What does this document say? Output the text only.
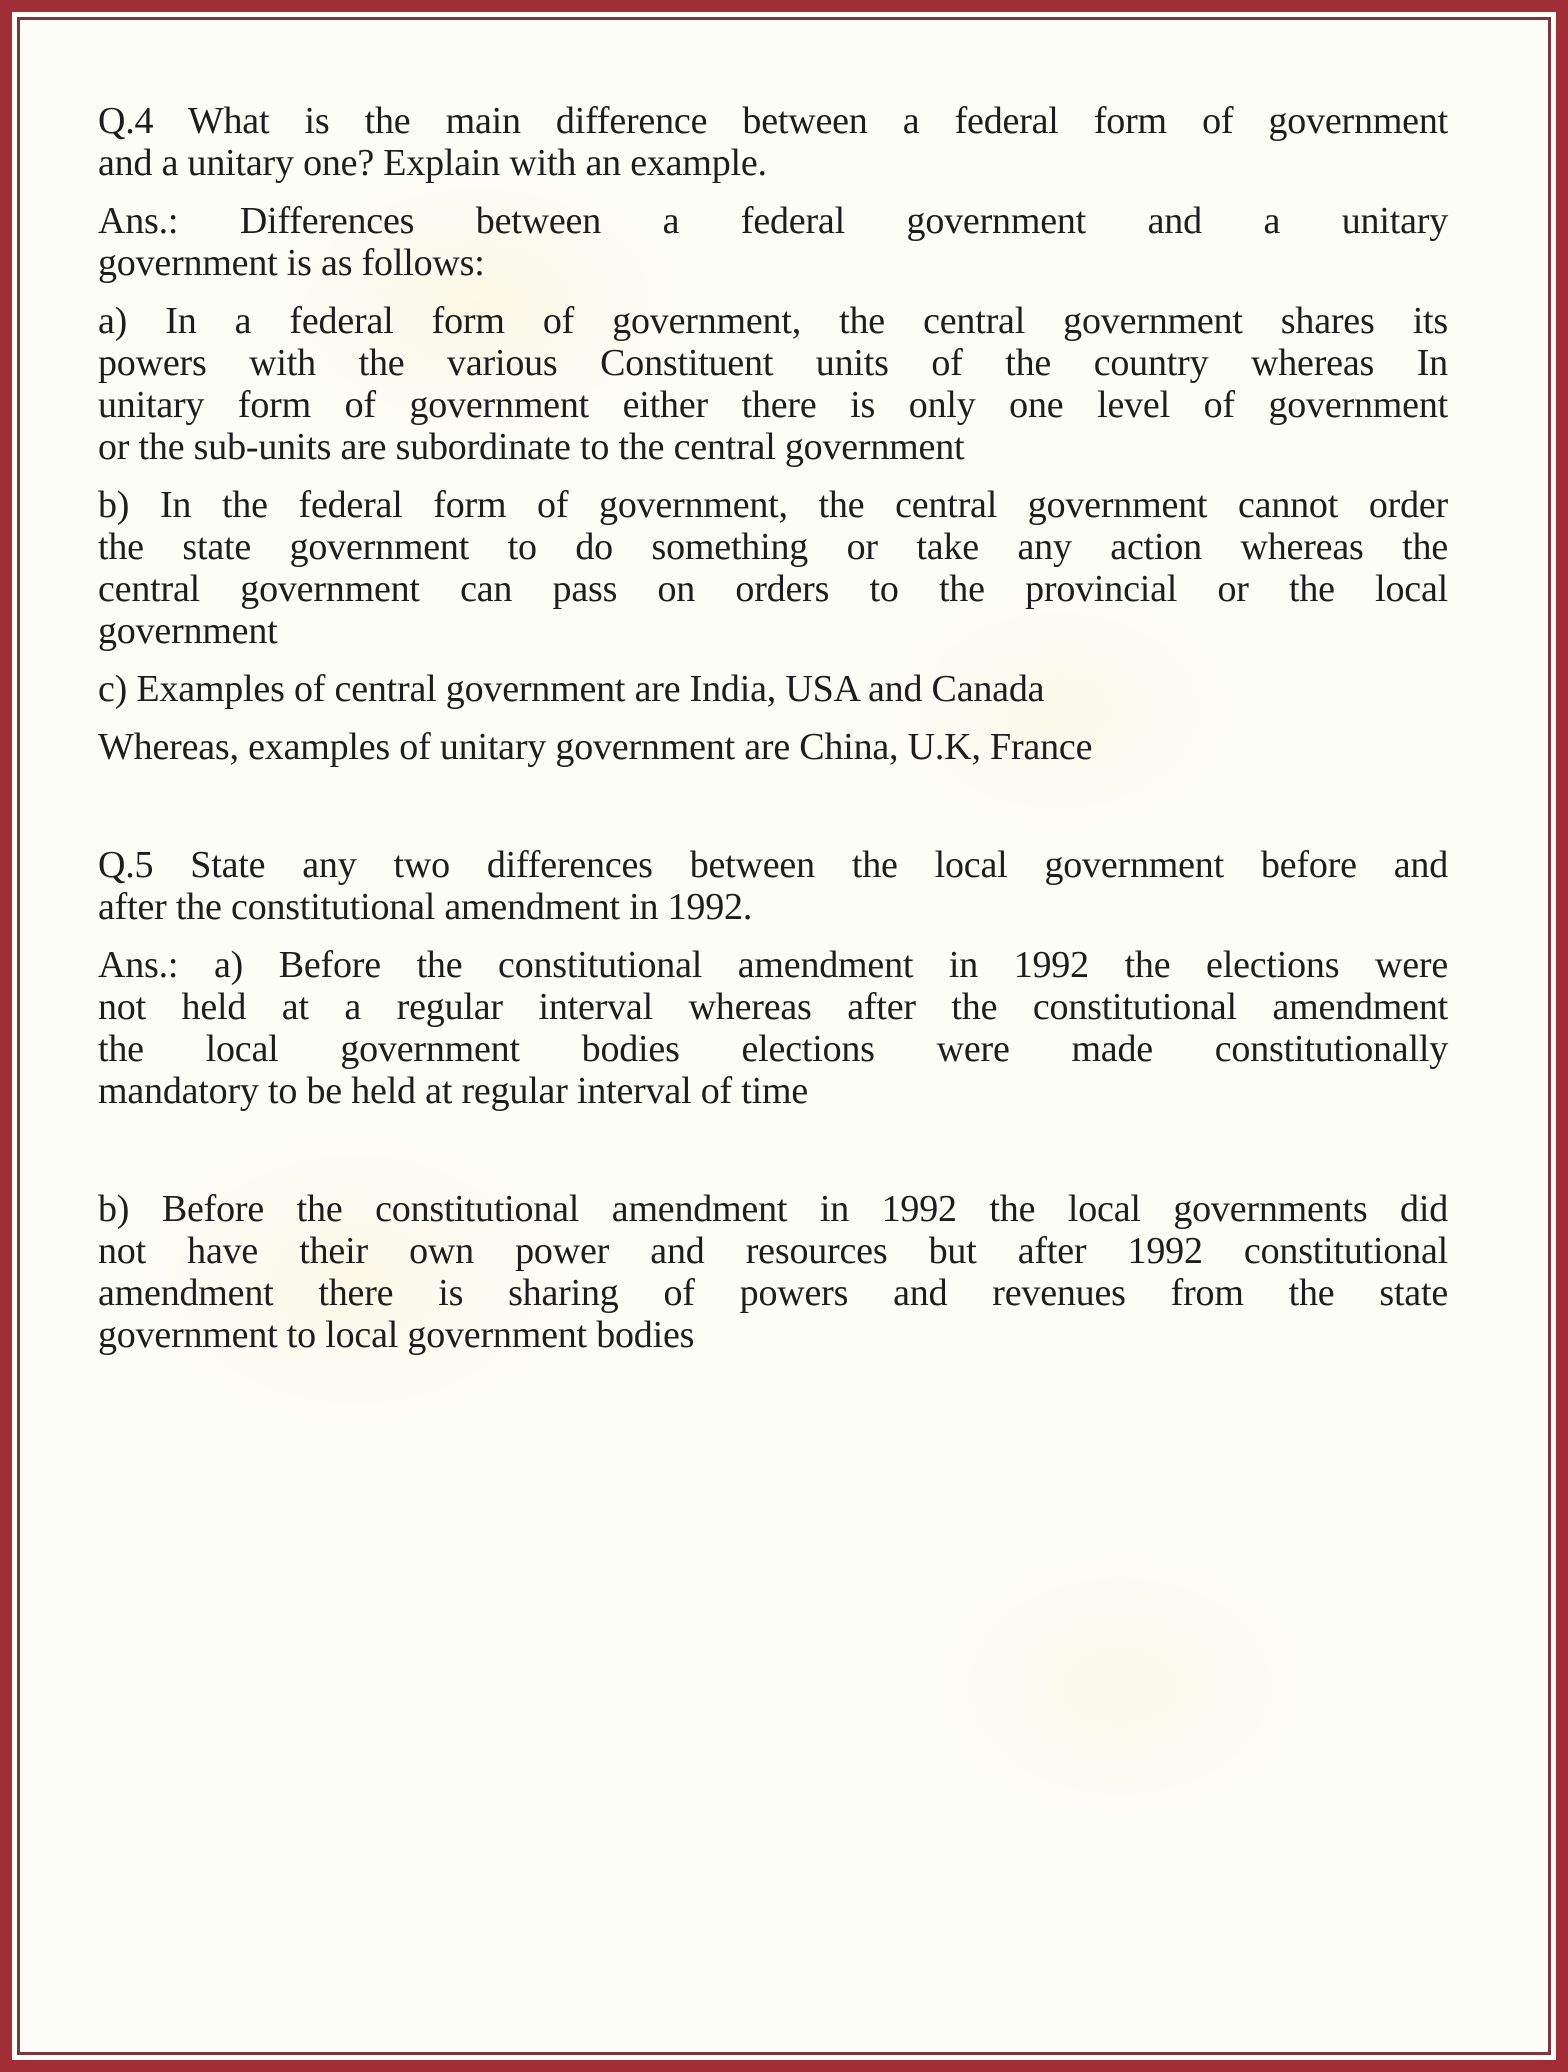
Q.4 What is the main difference between a federal form of government
and a unitary one? Explain with an example.
Ans.: Differences between a federal government and a unitary
government is as follows:
a) In a federal form of government, the central government shares its
powers with the various Constituent units of the country whereas In
unitary form of government either there is only one level of government
or the sub-units are subordinate to the central government
b) In the federal form of government, the central government cannot order
the state government to do something or take any action whereas the
central government can pass on orders to the provincial or the local
government
c) Examples of central government are India, USA and Canada
Whereas, examples of unitary government are China, U.K, France
Q.5 State any two differences between the local government before and
after the constitutional amendment in 1992.
Ans.: a) Before the constitutional amendment in 1992 the elections were
not held at a regular interval whereas after the constitutional amendment
the local government bodies elections were made constitutionally
mandatory to be held at regular interval of time
b) Before the constitutional amendment in 1992 the local governments did
not have their own power and resources but after 1992 constitutional
amendment there is sharing of powers and revenues from the state
government to local government bodies
